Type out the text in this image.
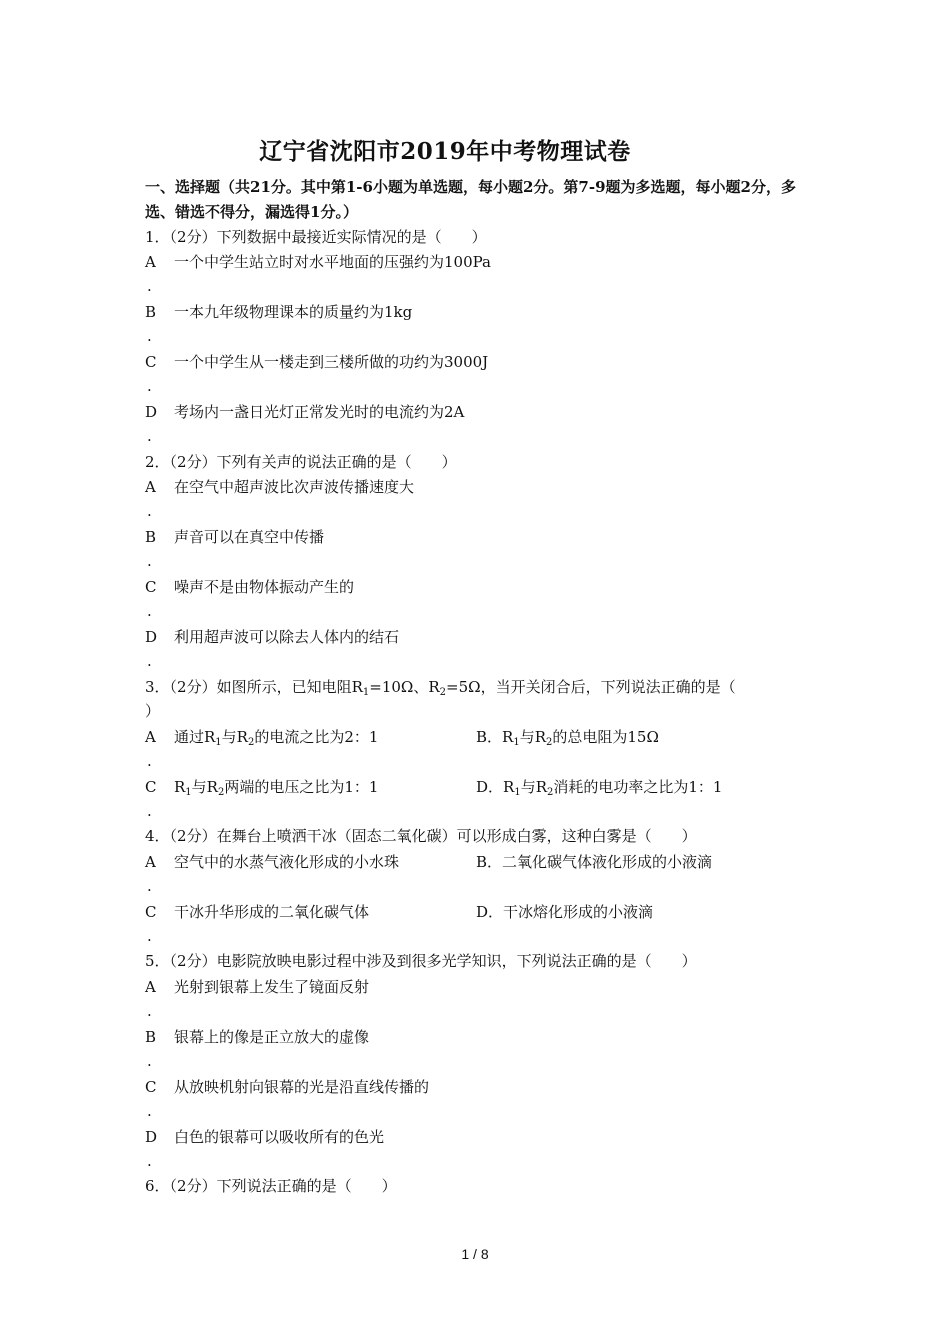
辽宁省沈阳市2019年中考物理试卷
一、选择题（共21分。其中第1-6小题为单选题，每小题2分。第7-9题为多选题，每小题2分，多选、错选不得分，漏选得1分。）
1．（2分）下列数据中最接近实际情况的是（　　）
A	一个中学生站立时对水平地面的压强约为100Pa
.
B	一本九年级物理课本的质量约为1kg
.
C	一个中学生从一楼走到三楼所做的功约为3000J
.
D	考场内一盏日光灯正常发光时的电流约为2A
.
2．（2分）下列有关声的说法正确的是（　　）
A	在空气中超声波比次声波传播速度大
.
B	声音可以在真空中传播
.
C	噪声不是由物体振动产生的
.
D	利用超声波可以除去人体内的结石
.
3．（2分）如图所示，已知电阻$R_1=10\Omega$、$R_2=5\Omega$，当开关闭合后，下列说法正确的是（
）
A	通过$R_1$与$R_2$的电流之比为2：1	B．$R_1$与$R_2$的总电阻为15Ω
.
C	$R_1$与$R_2$两端的电压之比为1：1	D．$R_1$与$R_2$消耗的电功率之比为1：1
.
4．（2分）在舞台上喷洒干冰（固态二氧化碳）可以形成白雾，这种白雾是（　　）
A	空气中的水蒸气液化形成的小水珠	B．二氧化碳气体液化形成的小液滴
.
C	干冰升华形成的二氧化碳气体	D．干冰熔化形成的小液滴
.
5．（2分）电影院放映电影过程中涉及到很多光学知识，下列说法正确的是（　　）
A	光射到银幕上发生了镜面反射
.
B	银幕上的像是正立放大的虚像
.
C	从放映机射向银幕的光是沿直线传播的
.
D	白色的银幕可以吸收所有的色光
.
6．（2分）下列说法正确的是（　　）
1 / 8
